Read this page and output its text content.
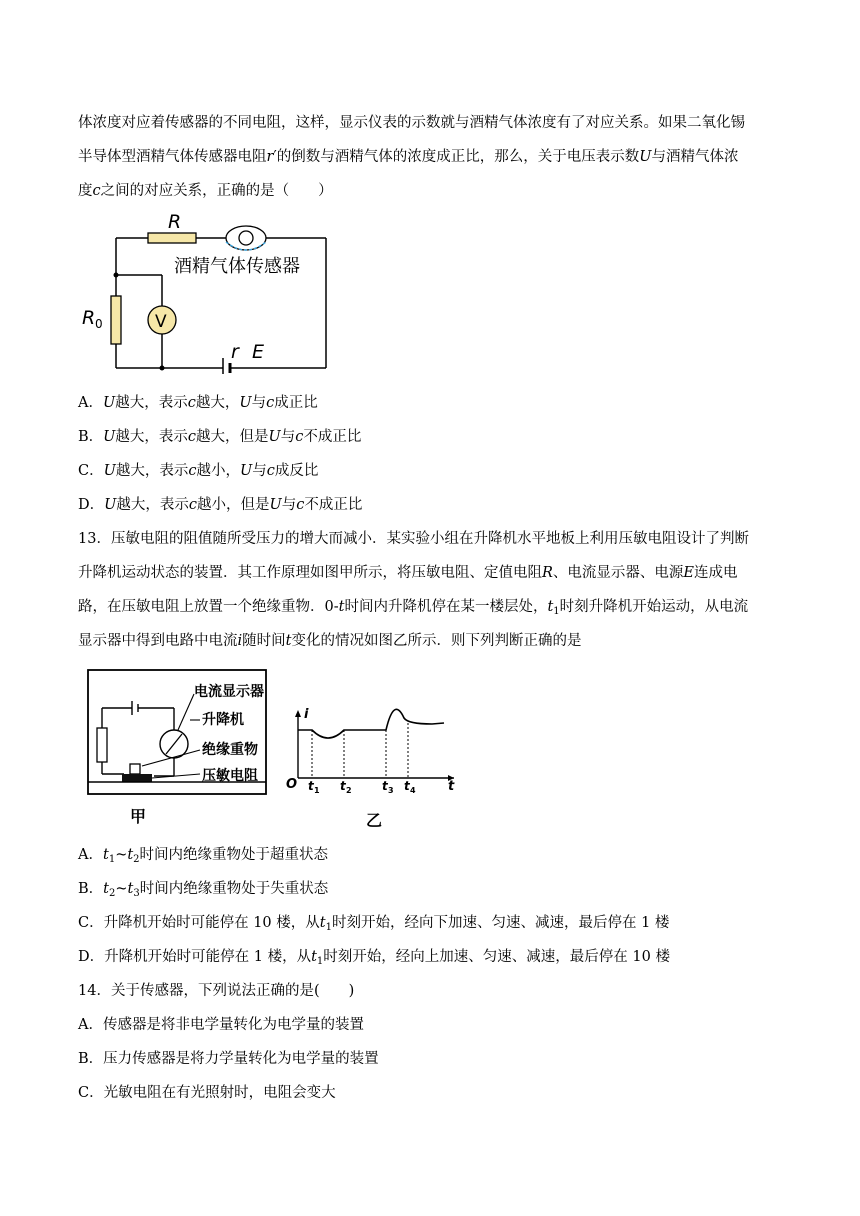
体浓度对应着传感器的不同电阻，这样，显示仪表的示数就与酒精气体浓度有了对应关系。如果二氧化锡
半导体型酒精气体传感器电阻r′的倒数与酒精气体的浓度成正比，那么，关于电压表示数U与酒精气体浓
度c之间的对应关系，正确的是（　　）
R
酒精气体传感器
R 0	V
r E
A．U越大，表示c越大，U与c成正比
B．U越大，表示c越大，但是U与c不成正比
C．U越大，表示c越小，U与c成反比
D．U越大，表示c越小，但是U与c不成正比
13．压敏电阻的阻值随所受压力的增大而减小．某实验小组在升降机水平地板上利用压敏电阻设计了判断
升降机运动状态的装置．其工作原理如图甲所示，将压敏电阻、定值电阻R、电流显示器、电源E连成电
路，在压敏电阻上放置一个绝缘重物．0-t时间内升降机停在某一楼层处，$t_1$时刻升降机开始运动，从电流
显示器中得到电路中电流i随时间t变化的情况如图乙所示．则下列判断正确的是
电流显示器
升降机
绝缘重物
压敏电阻
甲
i
t
O t t	t t
1	2	3 4
乙
A．$t_1\sim t_2$时间内绝缘重物处于超重状态
B．$t_2\sim t_3$时间内绝缘重物处于失重状态
C．升降机开始时可能停在 10 楼，从$t_1$时刻开始，经向下加速、匀速、减速，最后停在 1 楼
D．升降机开始时可能停在 1 楼，从$t_1$时刻开始，经向上加速、匀速、减速，最后停在 10 楼
14．关于传感器，下列说法正确的是(　　)
A．传感器是将非电学量转化为电学量的装置
B．压力传感器是将力学量转化为电学量的装置
C．光敏电阻在有光照射时，电阻会变大
